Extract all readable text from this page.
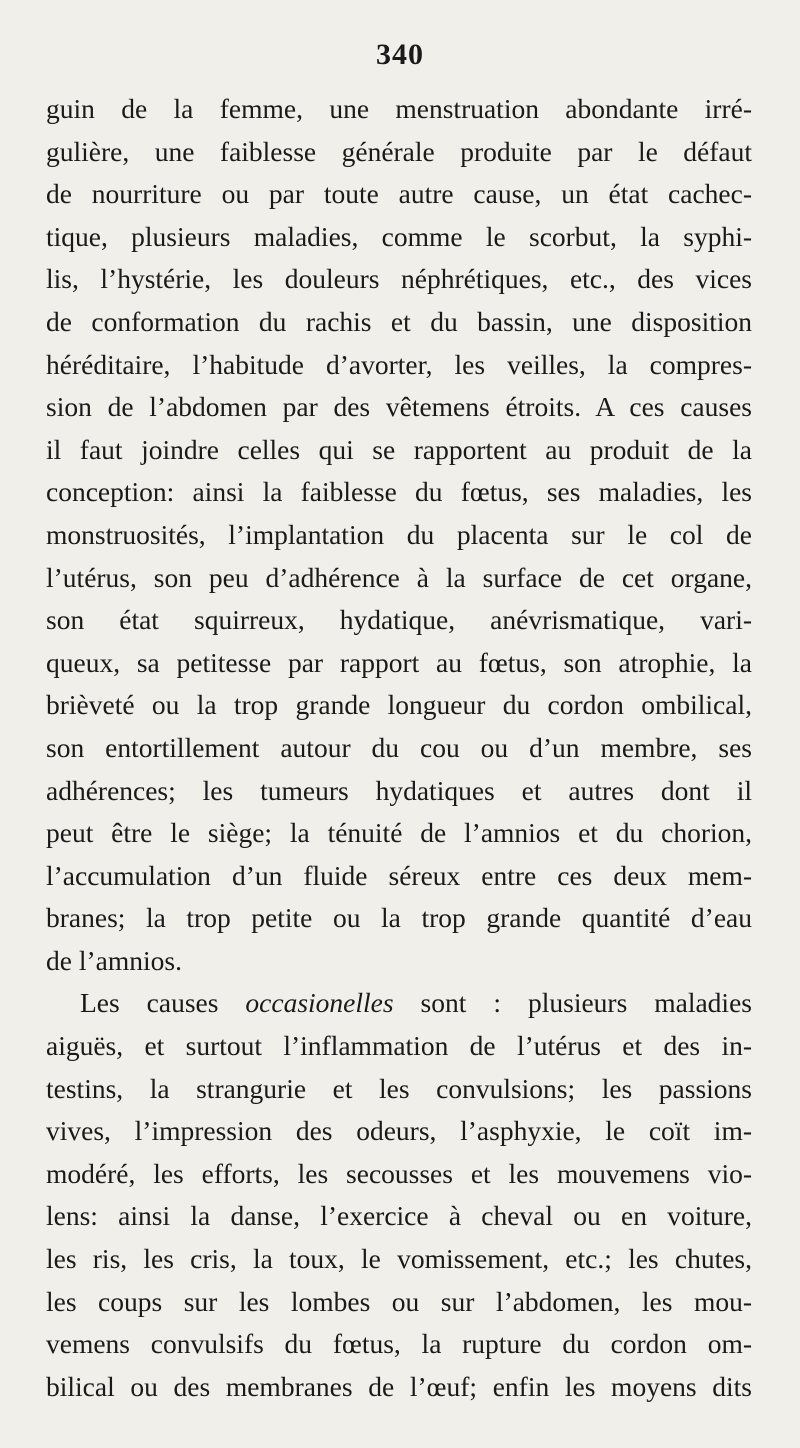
340
guin de la femme, une menstruation abondante irré-
gulière, une faiblesse générale produite par le défaut
de nourriture ou par toute autre cause, un état cachec-
tique, plusieurs maladies, comme le scorbut, la syphi-
lis, l’hystérie, les douleurs néphrétiques, etc., des vices
de conformation du rachis et du bassin, une disposition
héréditaire, l’habitude d’avorter, les veilles, la compres-
sion de l’abdomen par des vêtemens étroits. A ces causes
il faut joindre celles qui se rapportent au produit de la
conception: ainsi la faiblesse du fœtus, ses maladies, les
monstruosités, l’implantation du placenta sur le col de
l’utérus, son peu d’adhérence à la surface de cet organe,
son état squirreux, hydatique, anévrismatique, vari-
queux, sa petitesse par rapport au fœtus, son atrophie, la
brièveté ou la trop grande longueur du cordon ombilical,
son entortillement autour du cou ou d’un membre, ses
adhérences; les tumeurs hydatiques et autres dont il
peut être le siège; la ténuité de l’amnios et du chorion,
l’accumulation d’un fluide séreux entre ces deux mem-
branes; la trop petite ou la trop grande quantité d’eau
de l’amnios.
Les causes occasionelles sont : plusieurs maladies
aiguës, et surtout l’inflammation de l’utérus et des in-
testins, la strangurie et les convulsions; les passions
vives, l’impression des odeurs, l’asphyxie, le coït im-
modéré, les efforts, les secousses et les mouvemens vio-
lens: ainsi la danse, l’exercice à cheval ou en voiture,
les ris, les cris, la toux, le vomissement, etc.; les chutes,
les coups sur les lombes ou sur l’abdomen, les mou-
vemens convulsifs du fœtus, la rupture du cordon om-
bilical ou des membranes de l’œuf; enfin les moyens dits
